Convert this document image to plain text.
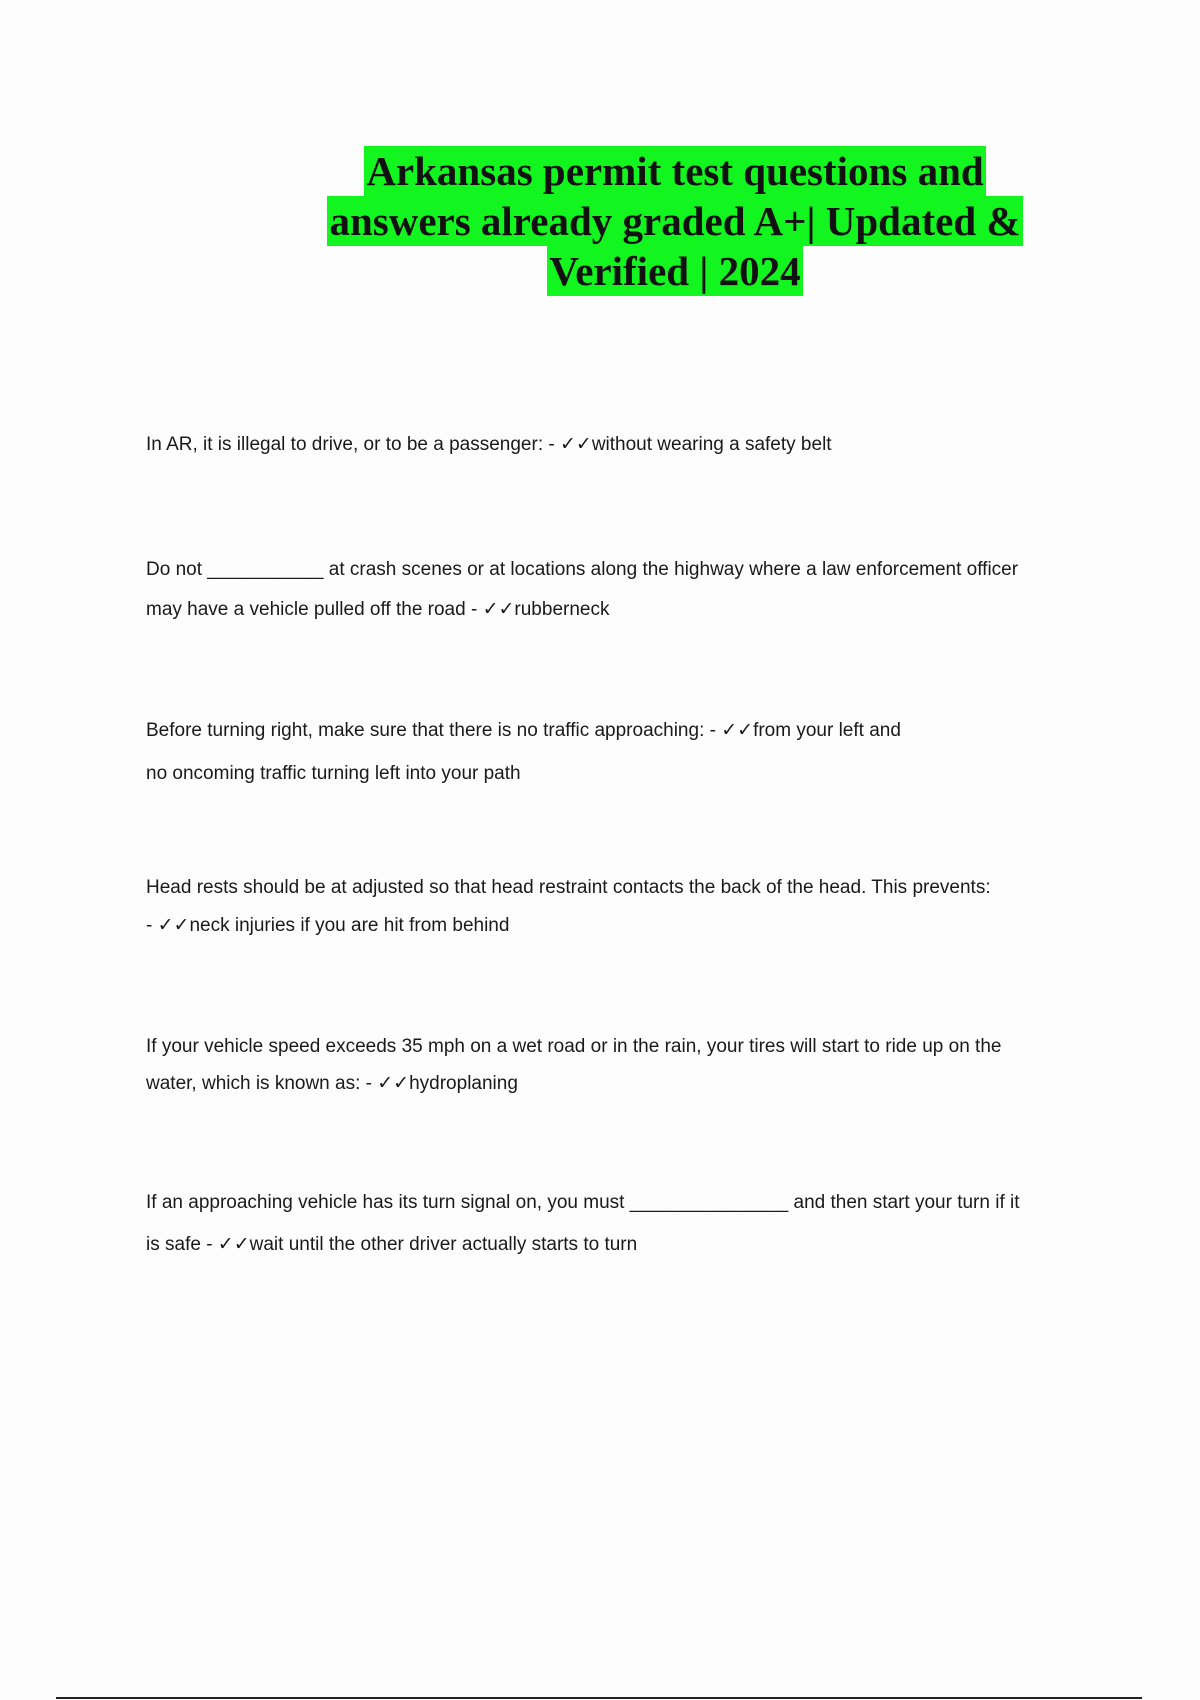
Arkansas permit test questions and
answers already graded A+| Updated &
Verified | 2024
In AR, it is illegal to drive, or to be a passenger: - ✓✓without wearing a safety belt
Do not ___________ at crash scenes or at locations along the highway where a law enforcement officer
may have a vehicle pulled off the road - ✓✓rubberneck
Before turning right, make sure that there is no traffic approaching: - ✓✓from your left and
no oncoming traffic turning left into your path
Head rests should be at adjusted so that head restraint contacts the back of the head. This prevents:
- ✓✓neck injuries if you are hit from behind
If your vehicle speed exceeds 35 mph on a wet road or in the rain, your tires will start to ride up on the
water, which is known as: - ✓✓hydroplaning
If an approaching vehicle has its turn signal on, you must _______________ and then start your turn if it
is safe - ✓✓wait until the other driver actually starts to turn
